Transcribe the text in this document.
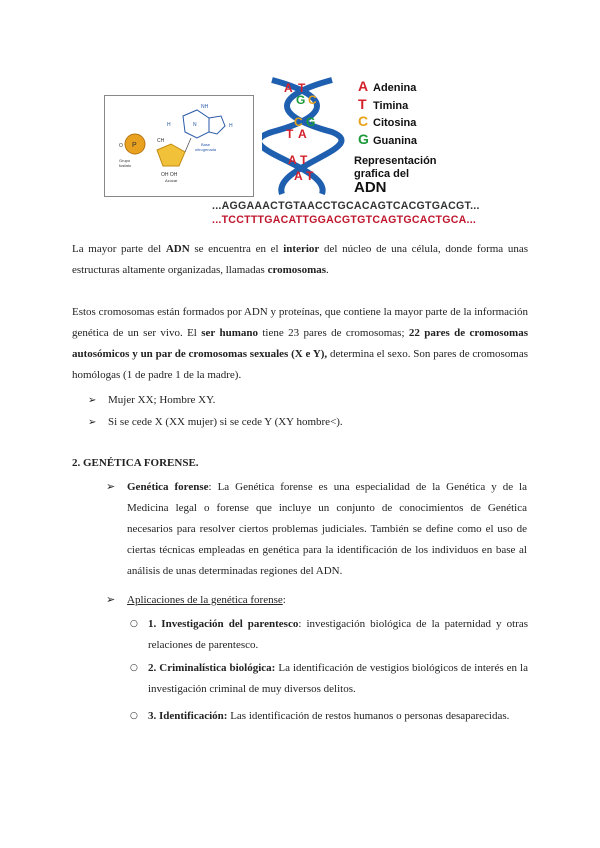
NH
H	H
N
Base
nitrogenada
P
O
CH
Grupo
fosfato
OH OH
Azúcar
A T
G C
C G
T A
A T
A T
A Adenina
T Timina
C Citosina
G Guanina
Representación
grafica del
ADN
...AGGAAACTGTAACCTGCACAGTCACGTGACGT...
...TCCTTTGACATTGGACGTGTCAGTGCACTGCA...
La mayor parte del ADN se encuentra en el interior del núcleo de una célula, donde forma unas estructuras altamente organizadas, llamadas cromosomas.
Estos cromosomas están formados por ADN y proteínas, que contiene la mayor parte de la información genética de un ser vivo. El ser humano tiene 23 pares de cromosomas; 22 pares de cromosomas autosómicos y un par de cromosomas sexuales (X e Y), determina el sexo. Son pares de cromosomas homólogas (1 de padre 1 de la madre).
➢ Mujer XX; Hombre XY.
➢ Si se cede X (XX mujer) si se cede Y (XY hombre<).
2. GENÉTICA FORENSE.
➢ Genética forense: La Genética forense es una especialidad de la Genética y de la Medicina legal o forense que incluye un conjunto de conocimientos de Genética necesarios para resolver ciertos problemas judiciales. También se define como el uso de ciertas técnicas empleadas en genética para la identificación de los individuos en base al análisis de unas determinadas regiones del ADN.
➢ Aplicaciones de la genética forense:
○ 1. Investigación del parentesco: investigación biológica de la paternidad y otras relaciones de parentesco.
○ 2. Criminalística biológica: La identificación de vestigios biológicos de interés en la investigación criminal de muy diversos delitos.
○ 3. Identificación: Las identificación de restos humanos o personas desaparecidas.
